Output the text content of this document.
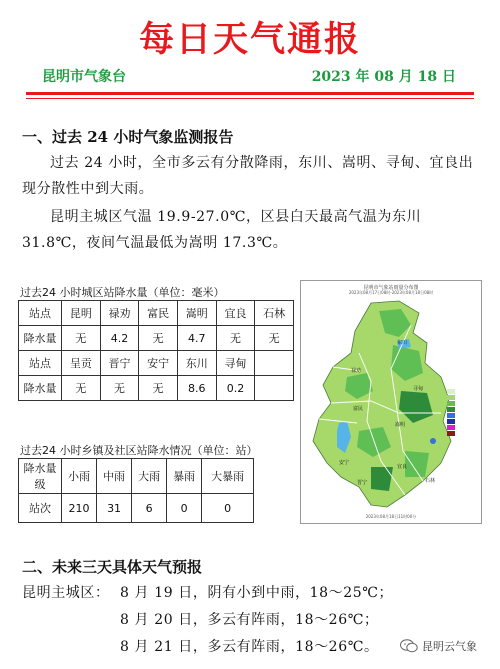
每日天气通报
昆明市气象台	2023 年 08 月 18 日
一、过去 24 小时气象监测报告
过去 24 小时，全市多云有分散降雨，东川、嵩明、寻甸、宜良出现分散性中到大雨。
昆明主城区气温 19.9-27.0℃，区县白天最高气温为东川 31.8℃，夜间气温最低为嵩明 17.3℃。
过去24 小时城区站降水量（单位：毫米）
站点	昆明	禄劝	富民	嵩明	宜良	石林
降水量	无	4.2	无	4.7	无	无
站点	呈贡	晋宁	安宁	东川	寻甸	
降水量	无	无	无	8.6	0.2	
过去24 小时乡镇及社区站降水情况（单位：站）
降水量级	小雨	中雨	大雨	暴雨	大暴雨
站次	210	31	6	0	0
昆明市气象站雨量分布图
2023年08月17日08时-2023年08月18日08时
东川
禄劝
寻甸
富民
嵩明
安宁
宜良
晋宁	石林
2023年08月18日11时00分
二、未来三天具体天气预报
昆明主城区： 8 月 19 日，阴有小到中雨，18～25℃；
8 月 20 日，多云有阵雨，18～26℃；
8 月 21 日，多云有阵雨，18～26℃。	昆明云气象
